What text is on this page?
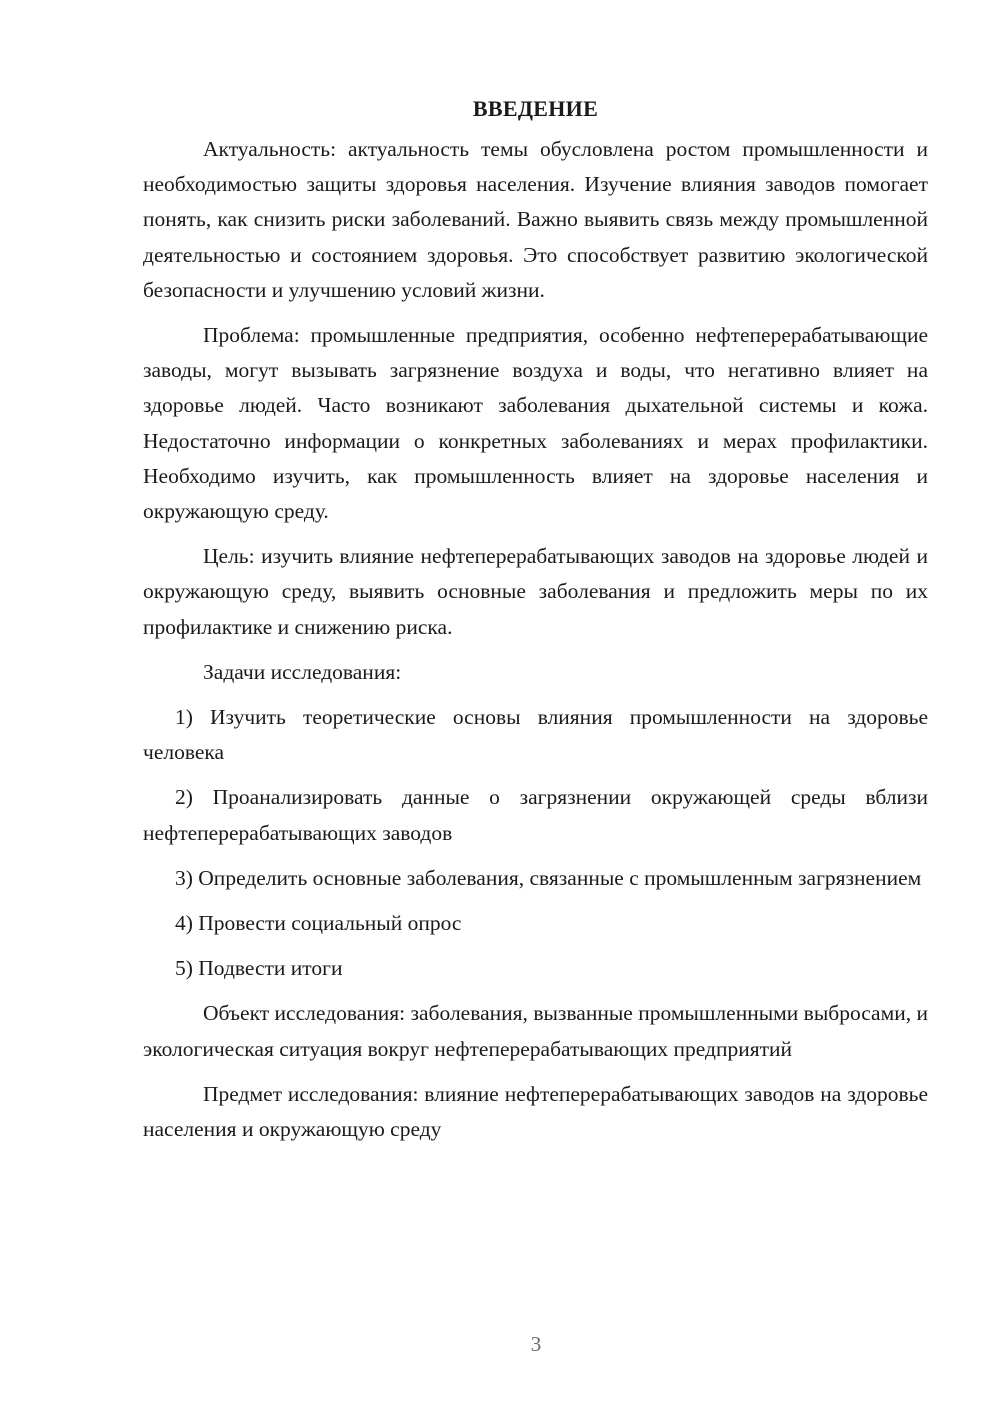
ВВЕДЕНИЕ

Актуальность: актуальность темы обусловлена ростом промышленности и необходимостью защиты здоровья населения. Изучение влияния заводов помогает понять, как снизить риски заболеваний. Важно выявить связь между промышленной деятельностью и состоянием здоровья. Это способствует развитию экологической безопасности и улучшению условий жизни.

Проблема: промышленные предприятия, особенно нефтеперерабатывающие заводы, могут вызывать загрязнение воздуха и воды, что негативно влияет на здоровье людей. Часто возникают заболевания дыхательной системы и кожа. Недостаточно информации о конкретных заболеваниях и мерах профилактики. Необходимо изучить, как промышленность влияет на здоровье населения и окружающую среду.

Цель: изучить влияние нефтеперерабатывающих заводов на здоровье людей и окружающую среду, выявить основные заболевания и предложить меры по их профилактике и снижению риска.

Задачи исследования:

1) Изучить теоретические основы влияния промышленности на здоровье человека

2) Проанализировать данные о загрязнении окружающей среды вблизи нефтеперерабатывающих заводов

3) Определить основные заболевания, связанные с промышленным загрязнением

4) Провести социальный опрос

5) Подвести итоги

Объект исследования: заболевания, вызванные промышленными выбросами, и экологическая ситуация вокруг нефтеперерабатывающих предприятий

Предмет исследования: влияние нефтеперерабатывающих заводов на здоровье населения и окружающую среду

3
